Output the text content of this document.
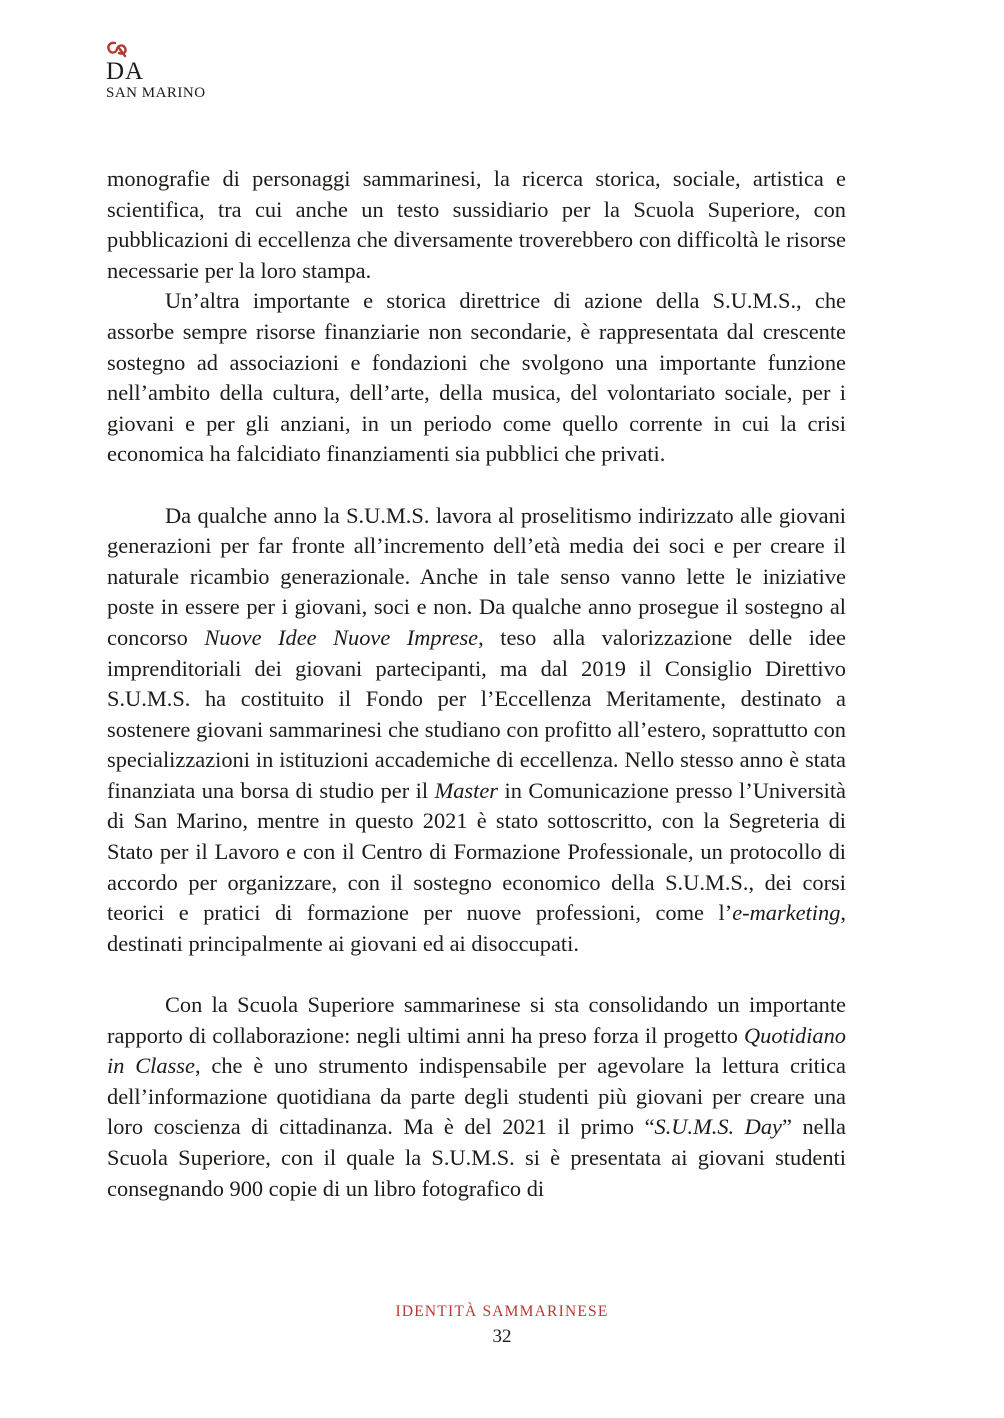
DA
SAN MARINO

monografie di personaggi sammarinesi, la ricerca storica, sociale, artistica e scientifica, tra cui anche un testo sussidiario per la Scuola Superiore, con pubblicazioni di eccellenza che diversamente troverebbero con difficoltà le risorse necessarie per la loro stampa.

Un’altra importante e storica direttrice di azione della S.U.M.S., che assorbe sempre risorse finanziarie non secondarie, è rappresentata dal crescente sostegno ad associazioni e fondazioni che svolgono una importante funzione nell’ambito della cultura, dell’arte, della musica, del volontariato sociale, per i giovani e per gli anziani, in un periodo come quello corrente in cui la crisi economica ha falcidiato finanziamenti sia pubblici che privati.

Da qualche anno la S.U.M.S. lavora al proselitismo indirizzato alle giovani generazioni per far fronte all’incremento dell’età media dei soci e per creare il naturale ricambio generazionale. Anche in tale senso vanno lette le iniziative poste in essere per i giovani, soci e non. Da qualche anno prosegue il sostegno al concorso Nuove Idee Nuove Imprese, teso alla valorizzazione delle idee imprenditoriali dei giovani partecipanti, ma dal 2019 il Consiglio Direttivo S.U.M.S. ha costituito il Fondo per l’Eccellenza Meritamente, destinato a sostenere giovani sammarinesi che studiano con profitto all’estero, soprattutto con specializzazioni in istituzioni accademiche di eccellenza. Nello stesso anno è stata finanziata una borsa di studio per il Master in Comunicazione presso l’Università di San Marino, mentre in questo 2021 è stato sottoscritto, con la Segreteria di Stato per il Lavoro e con il Centro di Formazione Professionale, un protocollo di accordo per organizzare, con il sostegno economico della S.U.M.S., dei corsi teorici e pratici di formazione per nuove professioni, come l’e-marketing, destinati principalmente ai giovani ed ai disoccupati.

Con la Scuola Superiore sammarinese si sta consolidando un importante rapporto di collaborazione: negli ultimi anni ha preso forza il progetto Quotidiano in Classe, che è uno strumento indispensabile per agevolare la lettura critica dell’informazione quotidiana da parte degli studenti più giovani per creare una loro coscienza di cittadinanza. Ma è del 2021 il primo “S.U.M.S. Day” nella Scuola Superiore, con il quale la S.U.M.S. si è presentata ai giovani studenti consegnando 900 copie di un libro fotografico di

IDENTITÀ SAMMARINESE
32
